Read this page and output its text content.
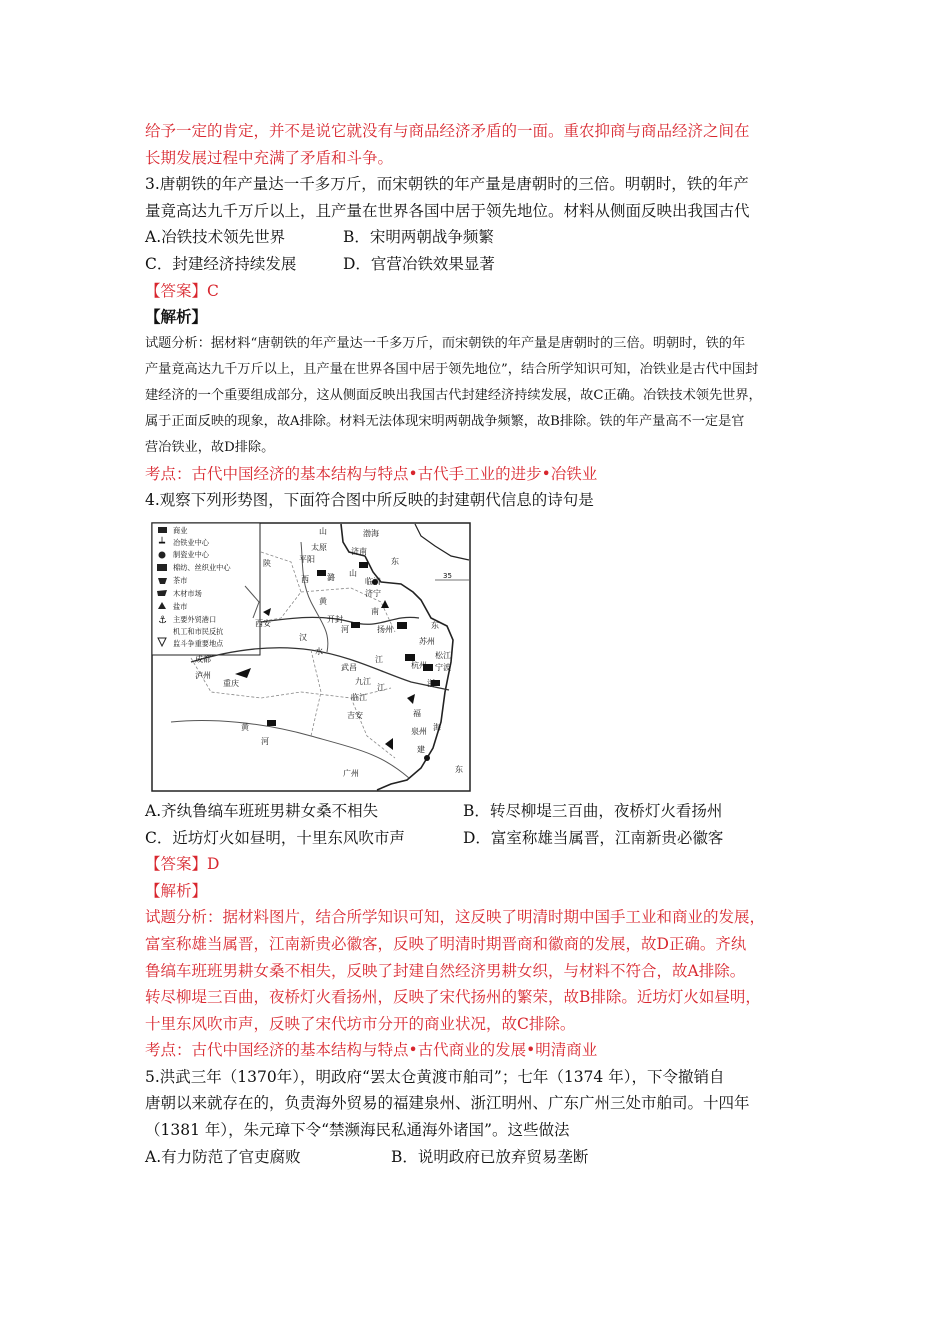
给予一定的肯定，并不是说它就没有与商品经济矛盾的一面。重农抑商与商品经济之间在
长期发展过程中充满了矛盾和斗争。
3.唐朝铁的年产量达一千多万斤，而宋朝铁的年产量是唐朝时的三倍。明朝时，铁的年产
量竟高达九千万斤以上，且产量在世界各国中居于领先地位。材料从侧面反映出我国古代
A.冶铁技术领先世界	B．宋明两朝战争频繁
C．封建经济持续发展	D．官营冶铁效果显著
【答案】C
【解析】
试题分析：据材料“唐朝铁的年产量达一千多万斤，而宋朝铁的年产量是唐朝时的三倍。明朝时，铁的年
产量竟高达九千万斤以上，且产量在世界各国中居于领先地位”，结合所学知识可知，冶铁业是古代中国封
建经济的一个重要组成部分，这从侧面反映出我国古代封建经济持续发展，故C正确。冶铁技术领先世界，
属于正面反映的现象，故A排除。材料无法体现宋明两朝战争频繁，故B排除。铁的年产量高不一定是官
营冶铁业，故D排除。
考点：古代中国经济的基本结构与特点•古代手工业的进步•冶铁业
4.观察下列形势图，下面符合图中所反映的封建朝代信息的诗句是
商业
┷ 冶铁业中心
制瓷业中心
棉纺、丝织业中心
茶市
木材市场
盐市
⚓ 主要外贸港口
机工和市民反抗
监斗争重要地点
35
山
太原
渤海
平阳
济南
陕
山
东
西 潞
西安
临清
黄
济宁
开封
南
河	扬州	东
汉
水
苏州
松江
成都
杭州 宁波
泸州
重庆
武昌
江
浙
九江
福
临江
吉安
江
海
泉州
建
黄
河
广州	东
A.齐纨鲁缟车班班男耕女桑不相失	B．转尽柳堤三百曲，夜桥灯火看扬州
C．近坊灯火如昼明，十里东风吹市声	D．富室称雄当属晋，江南新贵必徽客
【答案】D
【解析】
试题分析：据材料图片，结合所学知识可知，这反映了明清时期中国手工业和商业的发展，
富室称雄当属晋，江南新贵必徽客，反映了明清时期晋商和徽商的发展，故D正确。齐纨
鲁缟车班班男耕女桑不相失，反映了封建自然经济男耕女织，与材料不符合，故A排除。
转尽柳堤三百曲，夜桥灯火看扬州，反映了宋代扬州的繁荣，故B排除。近坊灯火如昼明，
十里东风吹市声，反映了宋代坊市分开的商业状况，故C排除。
考点：古代中国经济的基本结构与特点•古代商业的发展•明清商业
5.洪武三年（1370年），明政府“罢太仓黄渡市舶司”；七年（1374 年），下令撤销自
唐朝以来就存在的，负责海外贸易的福建泉州、浙江明州、广东广州三处市舶司。十四年
（1381 年），朱元璋下令“禁濒海民私通海外诸国”。这些做法
A.有力防范了官吏腐败	B．说明政府已放弃贸易垄断
